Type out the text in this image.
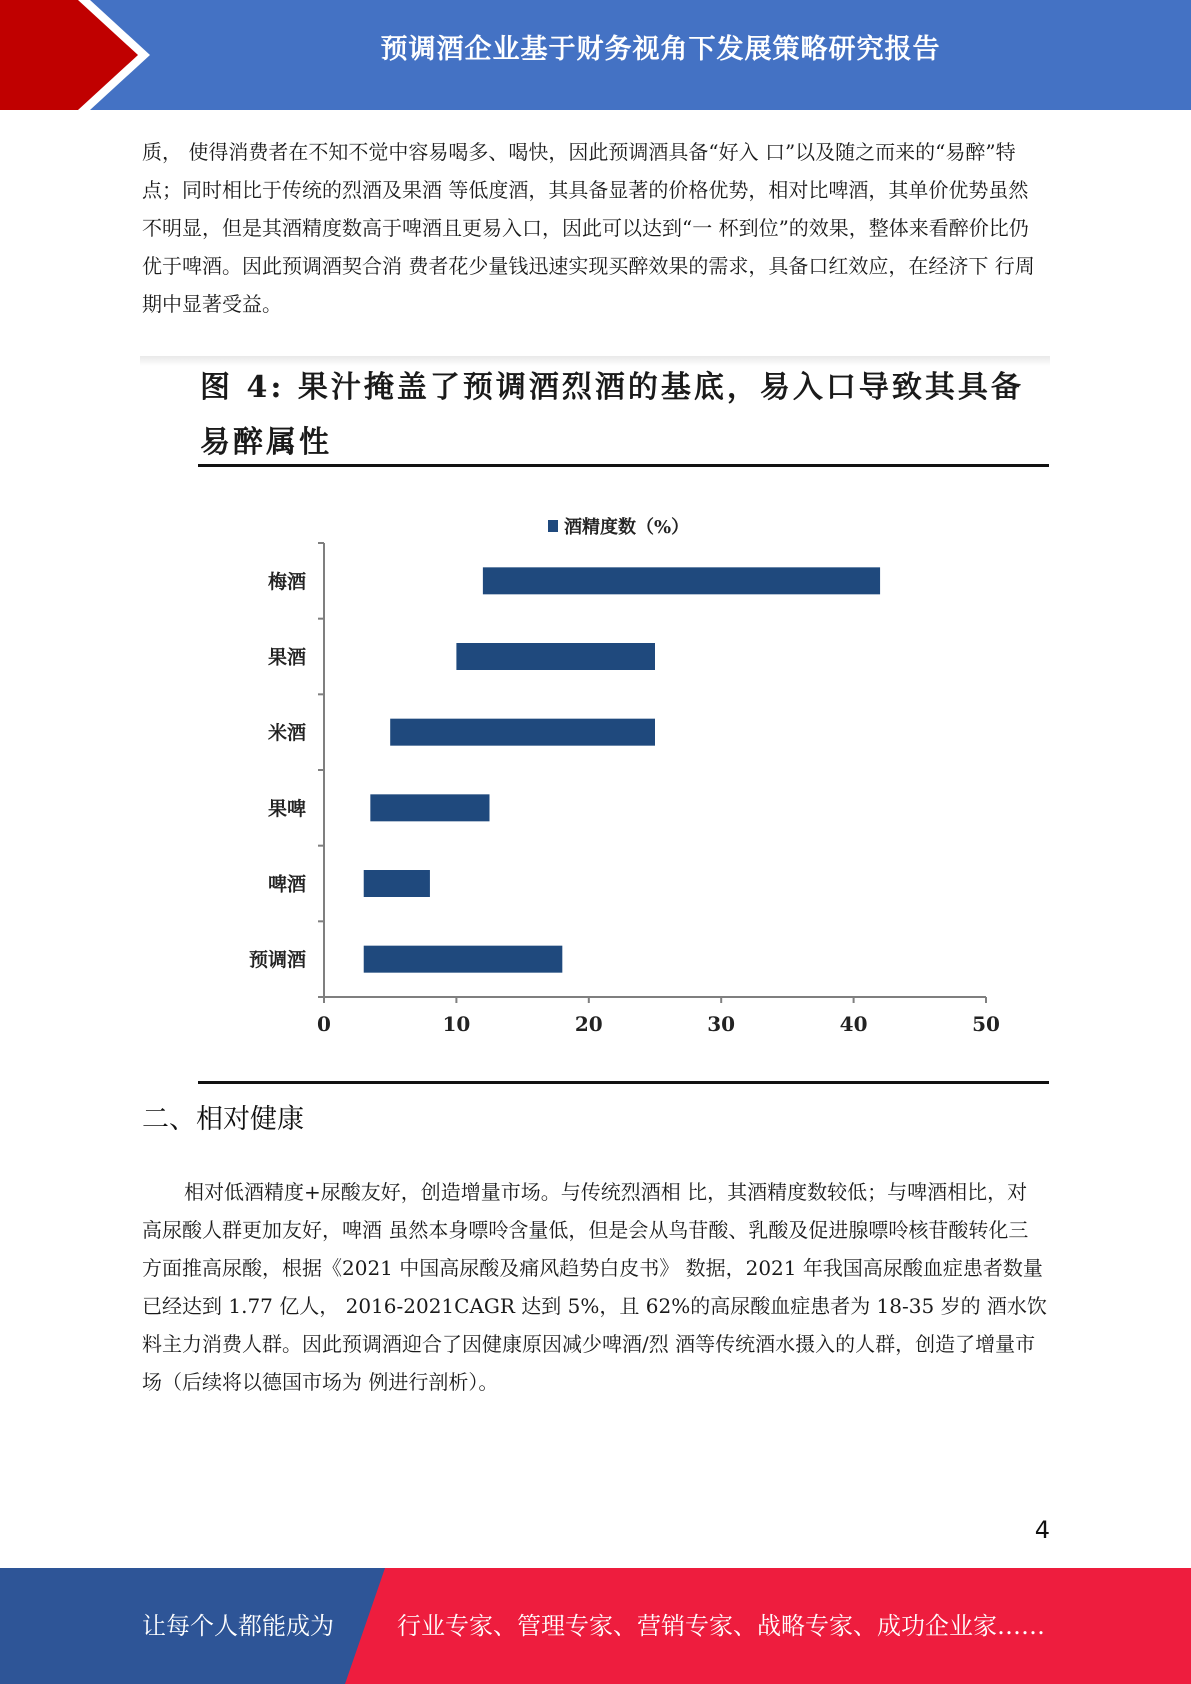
预调酒企业基于财务视角下发展策略研究报告

质， 使得消费者在不知不觉中容易喝多、喝快，因此预调酒具备“好入 口”以及随之而来的“易醉”特点；同时相比于传统的烈酒及果酒 等低度酒，其具备显著的价格优势，相对比啤酒，其单价优势虽然 不明显，但是其酒精度数高于啤酒且更易入口，因此可以达到“一 杯到位”的效果，整体来看醉价比仍优于啤酒。因此预调酒契合消 费者花少量钱迅速实现买醉效果的需求，具备口红效应，在经济下 行周期中显著受益。

图 4: 果汁掩盖了预调酒烈酒的基底，易入口导致其具备易醉属性
酒精度数（%）
梅酒
果酒
米酒
果啤
啤酒
预调酒
0	10	20	30	40	50
二、相对健康

相对低酒精度+尿酸友好，创造增量市场。与传统烈酒相 比，其酒精度数较低；与啤酒相比，对高尿酸人群更加友好，啤酒 虽然本身嘌呤含量低，但是会从鸟苷酸、乳酸及促进腺嘌呤核苷酸转化三方面推高尿酸，根据《2021 中国高尿酸及痛风趋势白皮书》 数据，2021 年我国高尿酸血症患者数量已经达到 1.77 亿人， 2016-2021CAGR 达到 5%，且 62%的高尿酸血症患者为 18-35 岁的 酒水饮料主力消费人群。因此预调酒迎合了因健康原因减少啤酒/烈 酒等传统酒水摄入的人群，创造了增量市场（后续将以德国市场为 例进行剖析）。

4
让每个人都能成为	行业专家、管理专家、营销专家、战略专家、成功企业家……
